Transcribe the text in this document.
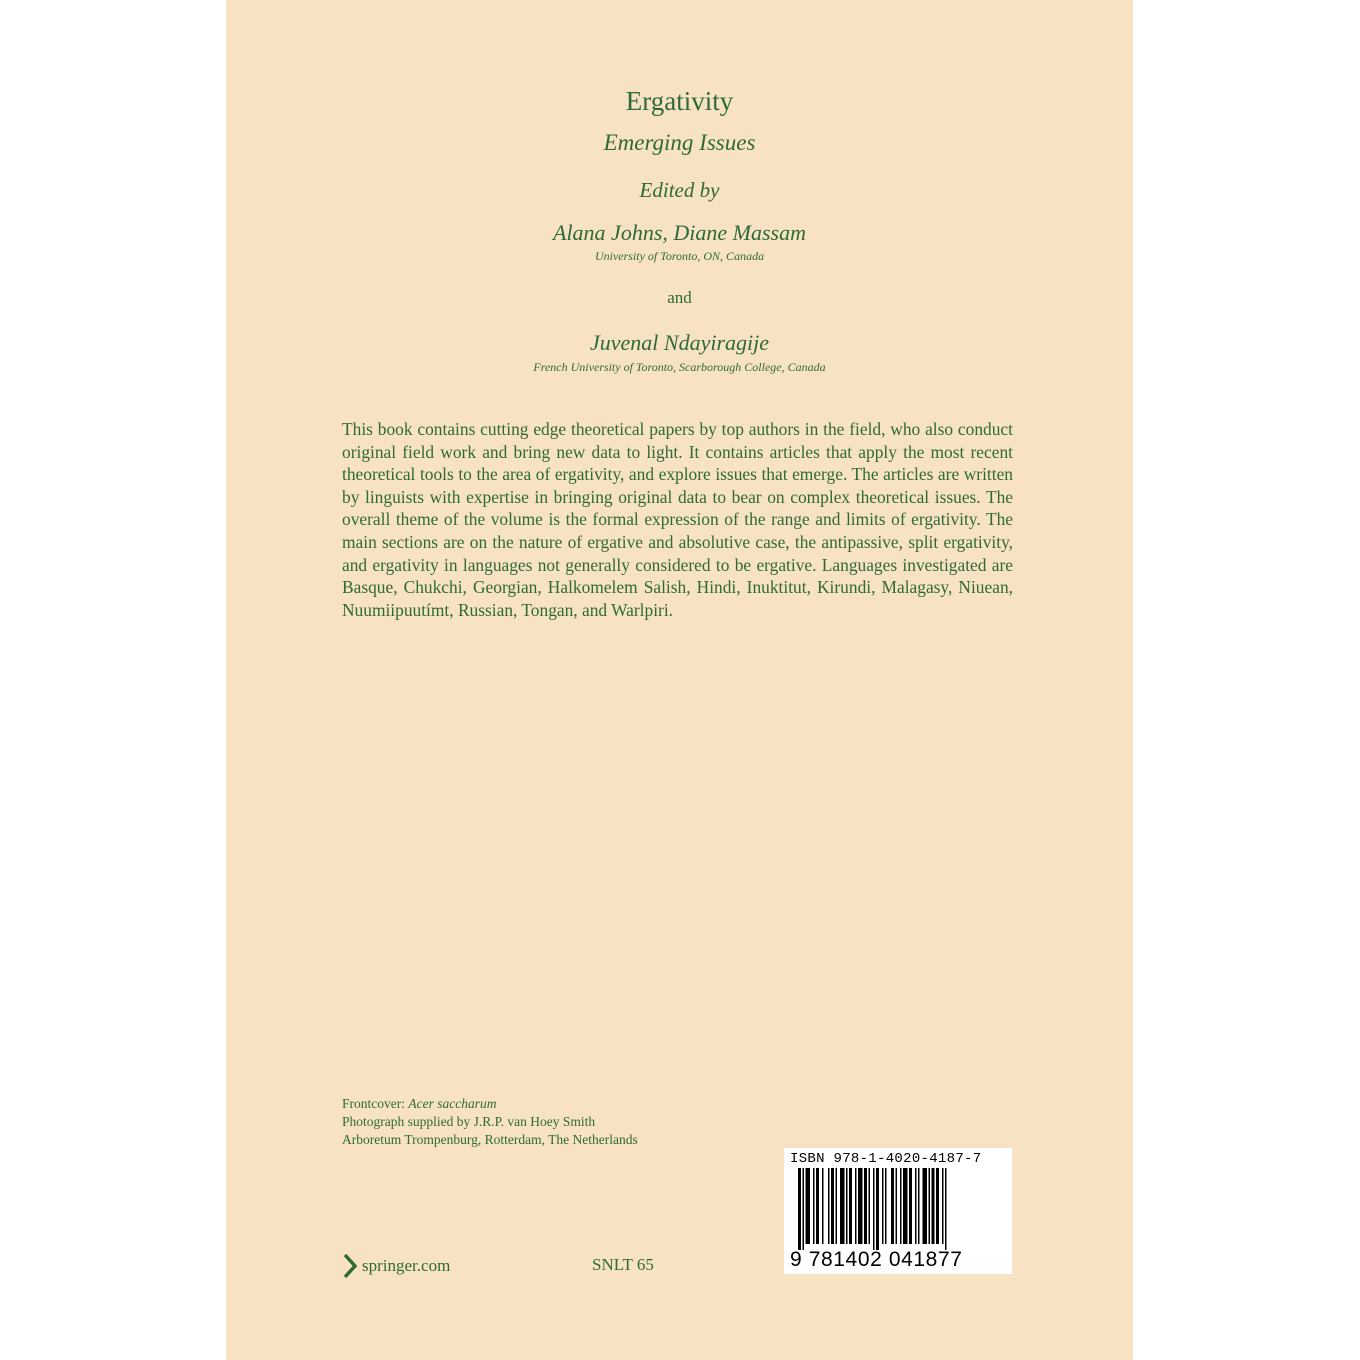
Ergativity
Emerging Issues
Edited by
Alana Johns, Diane Massam
University of Toronto, ON, Canada
and
Juvenal Ndayiragije
French University of Toronto, Scarborough College, Canada

This book contains cutting edge theoretical papers by top authors in the field, who also conduct original field work and bring new data to light. It contains articles that apply the most recent theoretical tools to the area of ergativity, and explore issues that emerge. The articles are written by linguists with expertise in bringing original data to bear on complex theoretical issues. The overall theme of the volume is the formal expression of the range and limits of ergativity. The main sections are on the nature of ergative and absolutive case, the antipassive, split ergativity, and ergativity in languages not generally considered to be ergative. Languages investigated are Basque, Chukchi, Georgian, Halkomelem Salish, Hindi, Inuktitut, Kirundi, Malagasy, Niuean, Nuumiipuutímt, Russian, Tongan, and Warlpiri.

Frontcover: Acer saccharum
Photograph supplied by J.R.P. van Hoey Smith
Arboretum Trompenburg, Rotterdam, The Netherlands
springer.com	SNLT 65
ISBN 978-1-4020-4187-7
9 781402 041877
